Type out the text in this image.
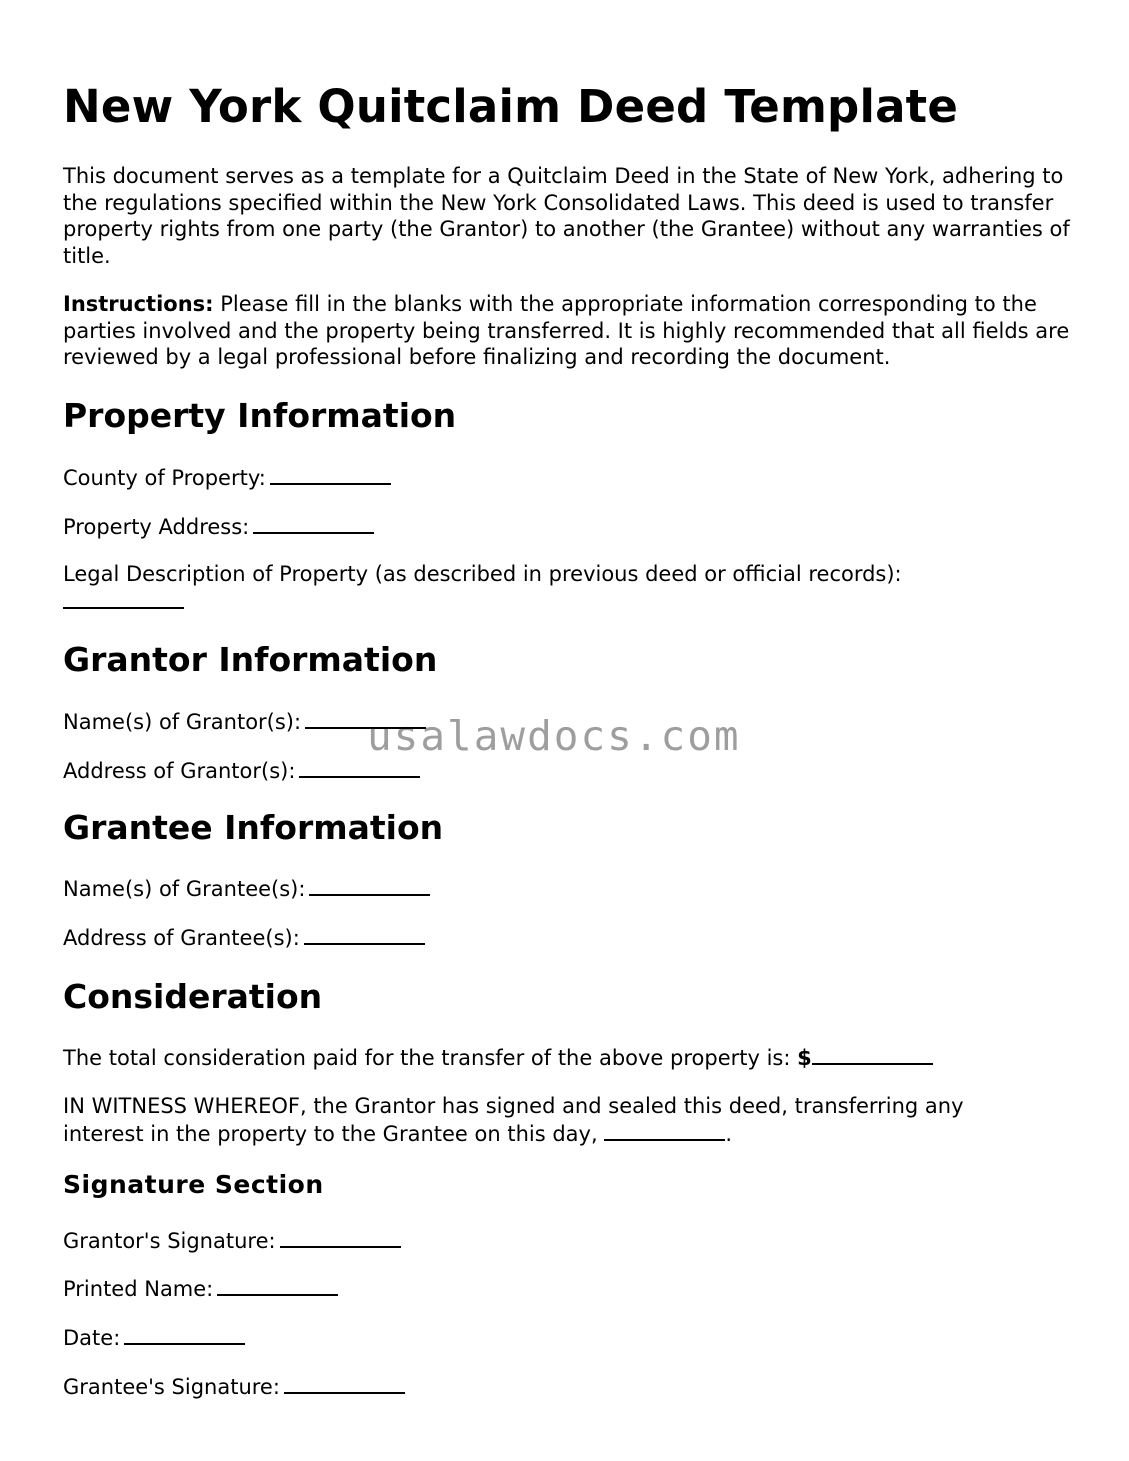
New York Quitclaim Deed Template

This document serves as a template for a Quitclaim Deed in the State of New York, adhering to the regulations specified within the New York Consolidated Laws. This deed is used to transfer property rights from one party (the Grantor) to another (the Grantee) without any warranties of title.

Instructions: Please fill in the blanks with the appropriate information corresponding to the parties involved and the property being transferred. It is highly recommended that all fields are reviewed by a legal professional before finalizing and recording the document.

Property Information

County of Property:

Property Address:

Legal Description of Property (as described in previous deed or official records):

Grantor Information

Name(s) of Grantor(s):

Address of Grantor(s):

Grantee Information

Name(s) of Grantee(s):

Address of Grantee(s):

Consideration

The total consideration paid for the transfer of the above property is: $

IN WITNESS WHEREOF, the Grantor has signed and sealed this deed, transferring any interest in the property to the Grantee on this day,	.

Signature Section

Grantor's Signature:

Printed Name:

Date:

Grantee's Signature:

usalawdocs.com
